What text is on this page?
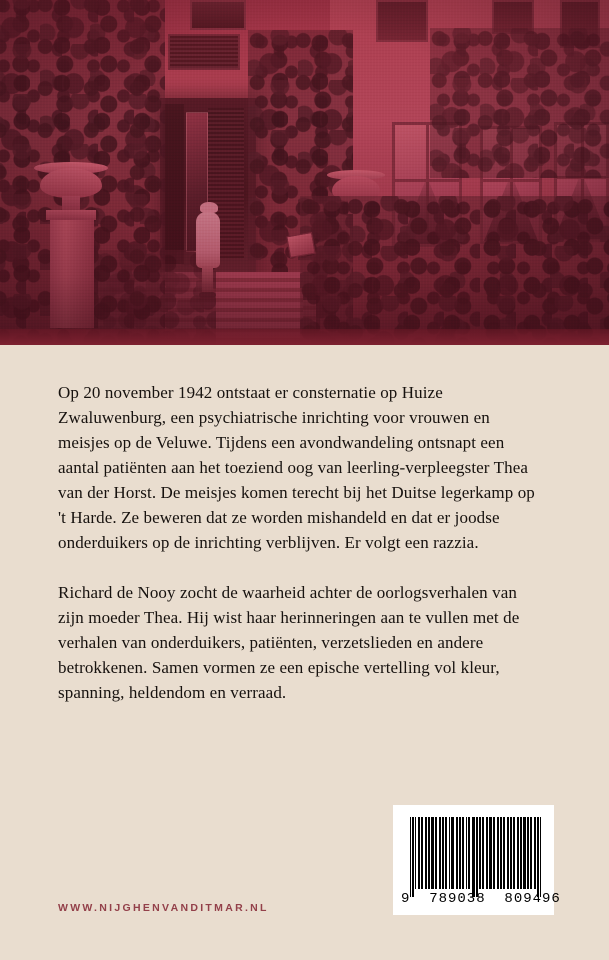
Op 20 november 1942 ontstaat er consternatie op Huize Zwaluwenburg, een psychiatrische inrichting voor vrouwen en meisjes op de Veluwe. Tijdens een avondwandeling ontsnapt een aantal patiënten aan het toeziend oog van leerling-verpleegster Thea van der Horst. De meisjes komen terecht bij het Duitse legerkamp op 't Harde. Ze beweren dat ze worden mishandeld en dat er joodse onderduikers op de inrichting verblijven. Er volgt een razzia.

Richard de Nooy zocht de waarheid achter de oorlogsverhalen van zijn moeder Thea. Hij wist haar herinneringen aan te vullen met de verhalen van onderduikers, patiënten, verzetslieden en andere betrokkenen. Samen vormen ze een epische vertelling vol kleur, spanning, heldendom en verraad.

WWW.NIJGHENVANDITMAR.NL
9  789038  809496
